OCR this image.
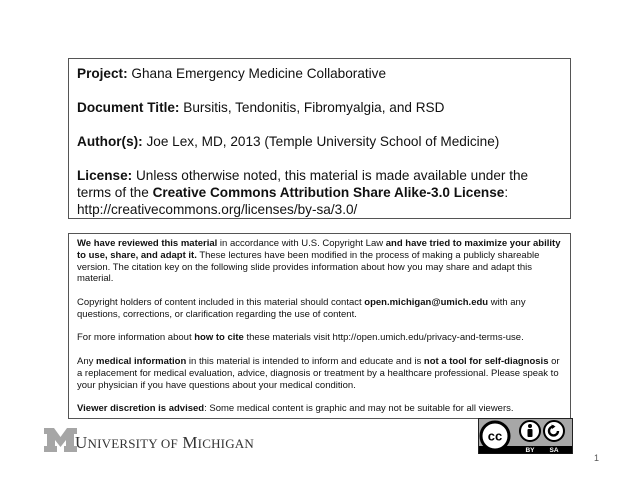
Project: Ghana Emergency Medicine Collaborative
Document Title: Bursitis, Tendonitis, Fibromyalgia, and RSD
Author(s): Joe Lex, MD, 2013 (Temple University School of Medicine)
License: Unless otherwise noted, this material is made available under the terms of the Creative Commons Attribution Share Alike-3.0 License:
http://creativecommons.org/licenses/by-sa/3.0/

We have reviewed this material in accordance with U.S. Copyright Law and have tried to maximize your ability to use, share, and adapt it. These lectures have been modified in the process of making a publicly shareable version. The citation key on the following slide provides information about how you may share and adapt this material.

Copyright holders of content included in this material should contact open.michigan@umich.edu with any questions, corrections, or clarification regarding the use of content.

For more information about how to cite these materials visit http://open.umich.edu/privacy-and-terms-use.

Any medical information in this material is intended to inform and educate and is not a tool for self-diagnosis or a replacement for medical evaluation, advice, diagnosis or treatment by a healthcare professional. Please speak to your physician if you have questions about your medical condition.

Viewer discretion is advised: Some medical content is graphic and may not be suitable for all viewers.

UNIVERSITY OF MICHIGAN	cc
BY SA
1
